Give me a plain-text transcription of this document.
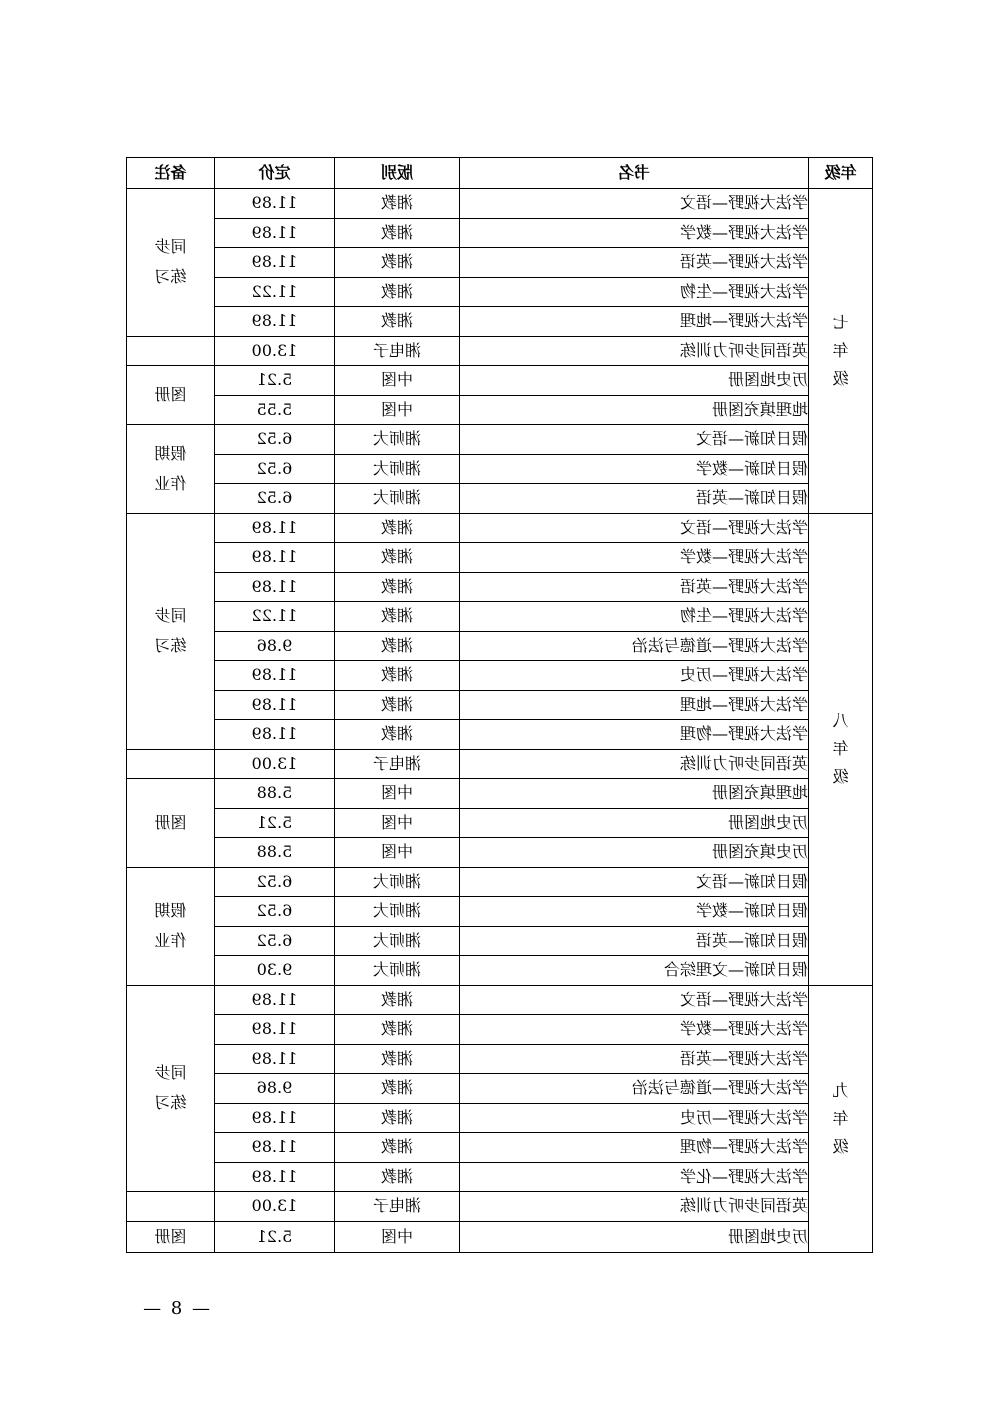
年级	书名	版别	定价	备注
七年级	学法大视野—语文	湘教	11.89	同步练习
	学法大视野—数学	湘教	11.89	
	学法大视野—英语	湘教	11.89	
	学法大视野—生物	湘教	11.22	
	学法大视野—地理	湘教	11.89	
	英语同步听力训练	湘电子	13.00	
	历史地图册	中图	5.21	图册
	地理填充图册	中图	5.55	
	假日知新—语文	湘师大	6.52	假期作业
	假日知新—数学	湘师大	6.52	
	假日知新—英语	湘师大	6.52	
八年级	学法大视野—语文	湘教	11.89	同步练习
	学法大视野—数学	湘教	11.89	
	学法大视野—英语	湘教	11.89	
	学法大视野—生物	湘教	11.22	
	学法大视野—道德与法治	湘教	9.86	
	学法大视野—历史	湘教	11.89	
	学法大视野—地理	湘教	11.89	
	学法大视野—物理	湘教	11.89	
	英语同步听力训练	湘电子	13.00	
	地理填充图册	中图	5.88	图册
	历史地图册	中图	5.21	
	历史填充图册	中图	5.88	
	假日知新—语文	湘师大	6.52	假期作业
	假日知新—数学	湘师大	6.52	
	假日知新—英语	湘师大	6.52	
	假日知新—文理综合	湘师大	9.30	
九年级	学法大视野—语文	湘教	11.89	同步练习
	学法大视野—数学	湘教	11.89	
	学法大视野—英语	湘教	11.89	
	学法大视野—道德与法治	湘教	9.86	
	学法大视野—历史	湘教	11.89	
	学法大视野—物理	湘教	11.89	
	学法大视野—化学	湘教	11.89	
	英语同步听力训练	湘电子	13.00	
	历史地图册	中图	5.21	图册
— 8 —
